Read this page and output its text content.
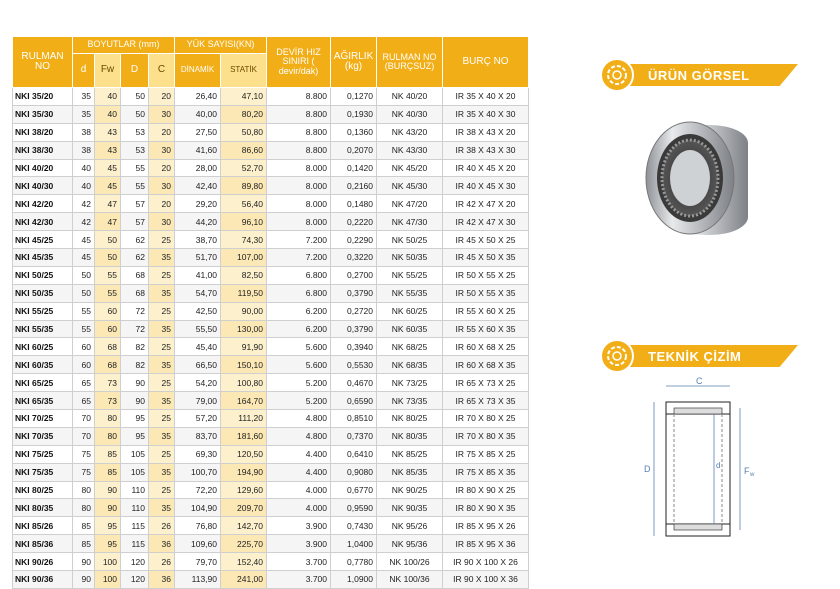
RULMAN NO	BOYUTLAR (mm)				YÜK SAYISI(KN)		DEVİR HIZ SINIRI ( devir/dak)	AĞIRLIK (kg)	RULMAN NO (BURÇSUZ)	BURÇ NO
	d	Fw	D	C	DİNAMİK	STATİK				
NKI 35/20	35	40	50	20	26,40	47,10	8.800	0,1270	NK 40/20	IR 35 X 40 X 20
NKI 35/30	35	40	50	30	40,00	80,20	8.800	0,1930	NK 40/30	IR 35 X 40 X 30
NKI 38/20	38	43	53	20	27,50	50,80	8.800	0,1360	NK 43/20	IR 38 X 43 X 20
NKI 38/30	38	43	53	30	41,60	86,60	8.800	0,2070	NK 43/30	IR 38 X 43 X 30
NKI 40/20	40	45	55	20	28,00	52,70	8.000	0,1420	NK 45/20	IR 40 X 45 X 20
NKI 40/30	40	45	55	30	42,40	89,80	8.000	0,2160	NK 45/30	IR 40 X 45 X 30
NKI 42/20	42	47	57	20	29,20	56,40	8.000	0,1480	NK 47/20	IR 42 X 47 X 20
NKI 42/30	42	47	57	30	44,20	96,10	8.000	0,2220	NK 47/30	IR 42 X 47 X 30
NKI 45/25	45	50	62	25	38,70	74,30	7.200	0,2290	NK 50/25	IR 45 X 50 X 25
NKI 45/35	45	50	62	35	51,70	107,00	7.200	0,3220	NK 50/35	IR 45 X 50 X 35
NKI 50/25	50	55	68	25	41,00	82,50	6.800	0,2700	NK 55/25	IR 50 X 55 X 25
NKI 50/35	50	55	68	35	54,70	119,50	6.800	0,3790	NK 55/35	IR 50 X 55 X 35
NKI 55/25	55	60	72	25	42,50	90,00	6.200	0,2720	NK 60/25	IR 55 X 60 X 25
NKI 55/35	55	60	72	35	55,50	130,00	6.200	0,3790	NK 60/35	IR 55 X 60 X 35
NKI 60/25	60	68	82	25	45,40	91,90	5.600	0,3940	NK 68/25	IR 60 X 68 X 25
NKI 60/35	60	68	82	35	66,50	150,10	5.600	0,5530	NK 68/35	IR 60 X 68 X 35
NKI 65/25	65	73	90	25	54,20	100,80	5.200	0,4670	NK 73/25	IR 65 X 73 X 25
NKI 65/35	65	73	90	35	79,00	164,70	5.200	0,6590	NK 73/35	IR 65 X 73 X 35
NKI 70/25	70	80	95	25	57,20	111,20	4.800	0,8510	NK 80/25	IR 70 X 80 X 25
NKI 70/35	70	80	95	35	83,70	181,60	4.800	0,7370	NK 80/35	IR 70 X 80 X 35
NKI 75/25	75	85	105	25	69,30	120,50	4.400	0,6410	NK 85/25	IR 75 X 85 X 25
NKI 75/35	75	85	105	35	100,70	194,90	4.400	0,9080	NK 85/35	IR 75 X 85 X 35
NKI 80/25	80	90	110	25	72,20	129,60	4.000	0,6770	NK 90/25	IR 80 X 90 X 25
NKI 80/35	80	90	110	35	104,90	209,70	4.000	0,9590	NK 90/35	IR 80 X 90 X 35
NKI 85/26	85	95	115	26	76,80	142,70	3.900	0,7430	NK 95/26	IR 85 X 95 X 26
NKI 85/36	85	95	115	36	109,60	225,70	3.900	1,0400	NK 95/36	IR 85 X 95 X 36
NKI 90/26	90	100	120	26	79,70	152,40	3.700	0,7780	NK 100/26	IR 90 X 100 X 26
NKI 90/36	90	100	120	36	113,90	241,00	3.700	1,0900	NK 100/36	IR 90 X 100 X 36
ÜRÜN GÖRSEL
TEKNİK ÇİZİM
C
D	d
F w
